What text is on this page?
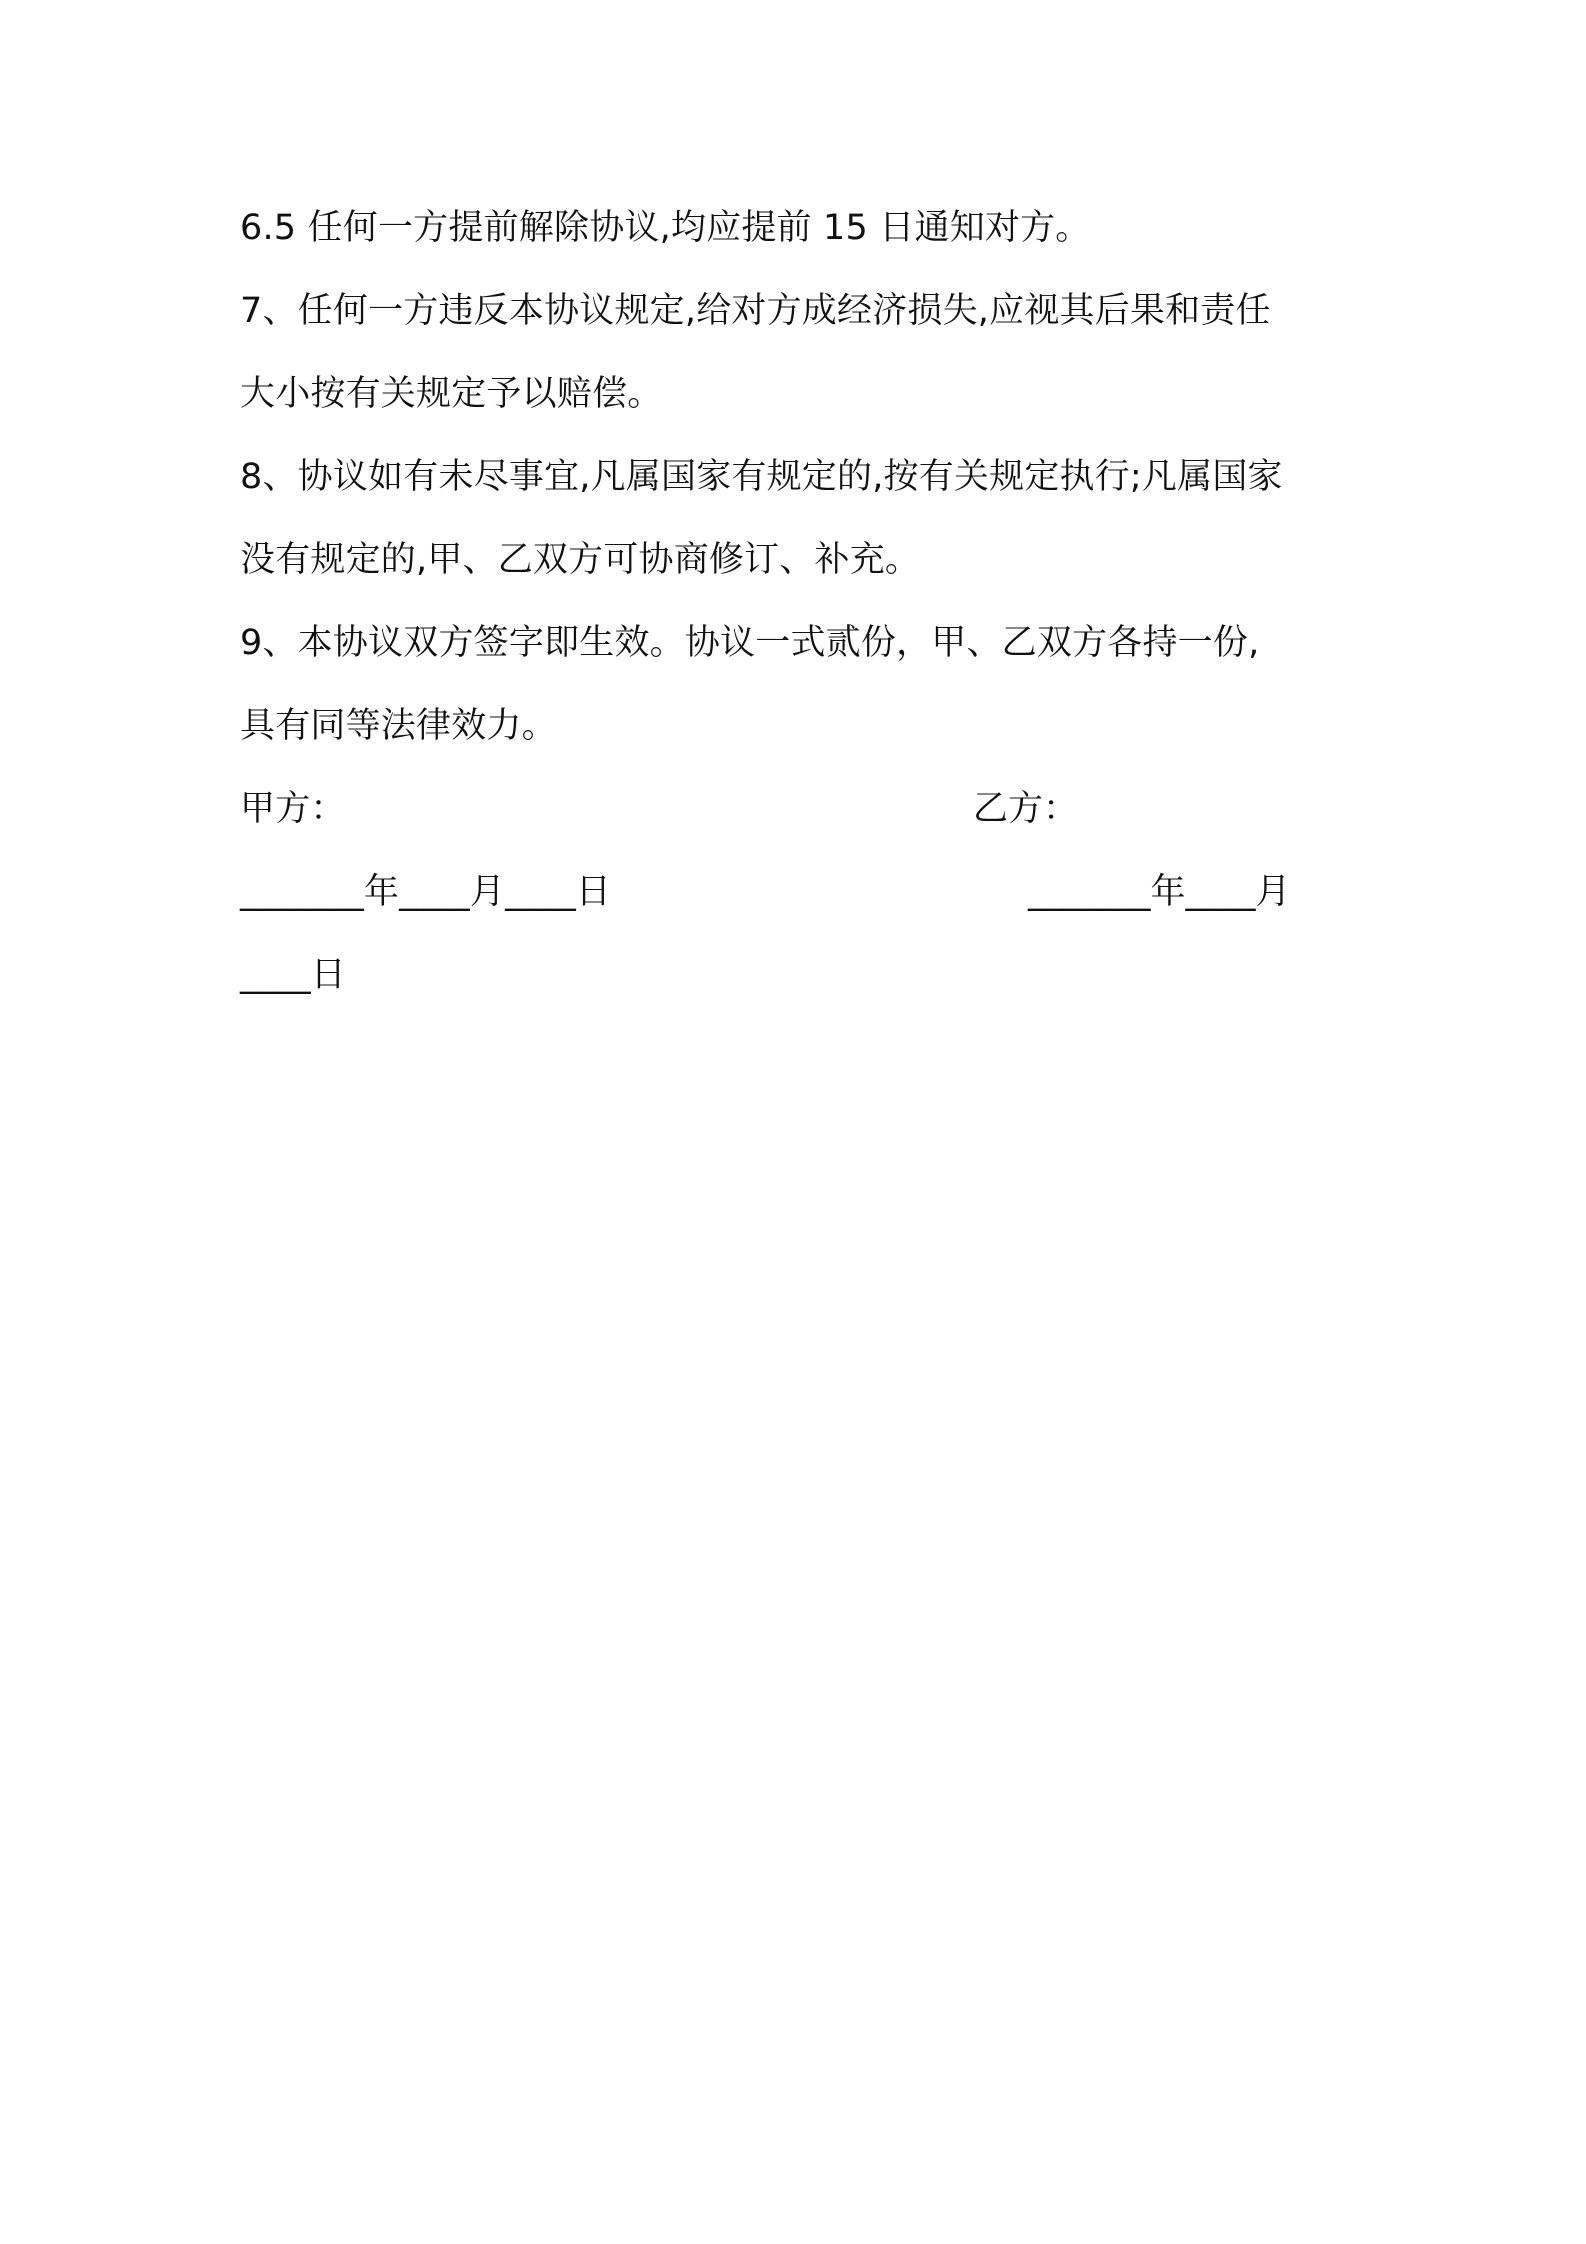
6.5 任何一方提前解除协议,均应提前 15 日通知对方。
7、任何一方违反本协议规定,给对方成经济损失,应视其后果和责任
大小按有关规定予以赔偿。
8、协议如有未尽事宜,凡属国家有规定的,按有关规定执行;凡属国家
没有规定的,甲、乙双方可协商修订、补充。
9、本协议双方签字即生效。协议一式贰份，甲、乙双方各持一份,
具有同等法律效力。
甲方：	乙方：
_______年____月____日	_______年____月
____日
